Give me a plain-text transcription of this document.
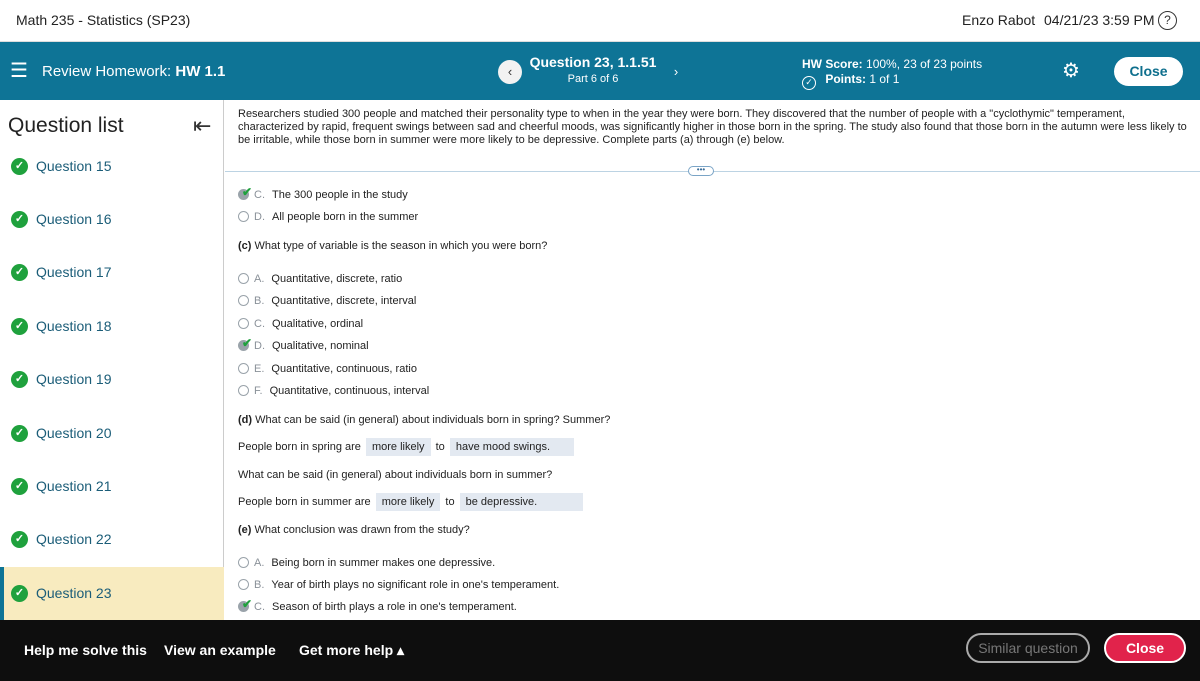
Math 235 - Statistics (SP23)	Enzo Rabot 04/21/23 3:59 PM ?
☰ Review Homework: HW 1.1	‹
Question 23, 1.1.51
Part 6 of 6	›	HW Score: 100%, 23 of 23 points
✓ Points: 1 of 1	⚙	Close
Question list	⇤
✓ Question 15
✓ Question 16
✓ Question 17
✓ Question 18
✓ Question 19
✓ Question 20
✓ Question 21
✓ Question 22
✓ Question 23
Researchers studied 300 people and matched their personality type to when in the year they were born. They discovered that the number of people with a "cyclothymic" temperament, characterized by rapid, frequent swings between sad and cheerful moods, was significantly higher in those born in the spring. The study also found that those born in the autumn were less likely to be irritable, while those born in summer were more likely to be depressive. Complete parts (a) through (e) below.
•••
✔ C. The 300 people in the study
D. All people born in the summer
(c) What type of variable is the season in which you were born?
A. Quantitative, discrete, ratio
B. Quantitative, discrete, interval
C. Qualitative, ordinal
✔ D. Qualitative, nominal
E. Quantitative, continuous, ratio
F. Quantitative, continuous, interval
(d) What can be said (in general) about individuals born in spring? Summer?
People born in spring are more likely to have mood swings.
What can be said (in general) about individuals born in summer?
People born in summer are more likely to be depressive.
(e) What conclusion was drawn from the study?
A. Being born in summer makes one depressive.
B. Year of birth plays no significant role in one's temperament.
✔ C. Season of birth plays a role in one's temperament.
Help me solve this View an example Get more help ▴	Similar question	Close
